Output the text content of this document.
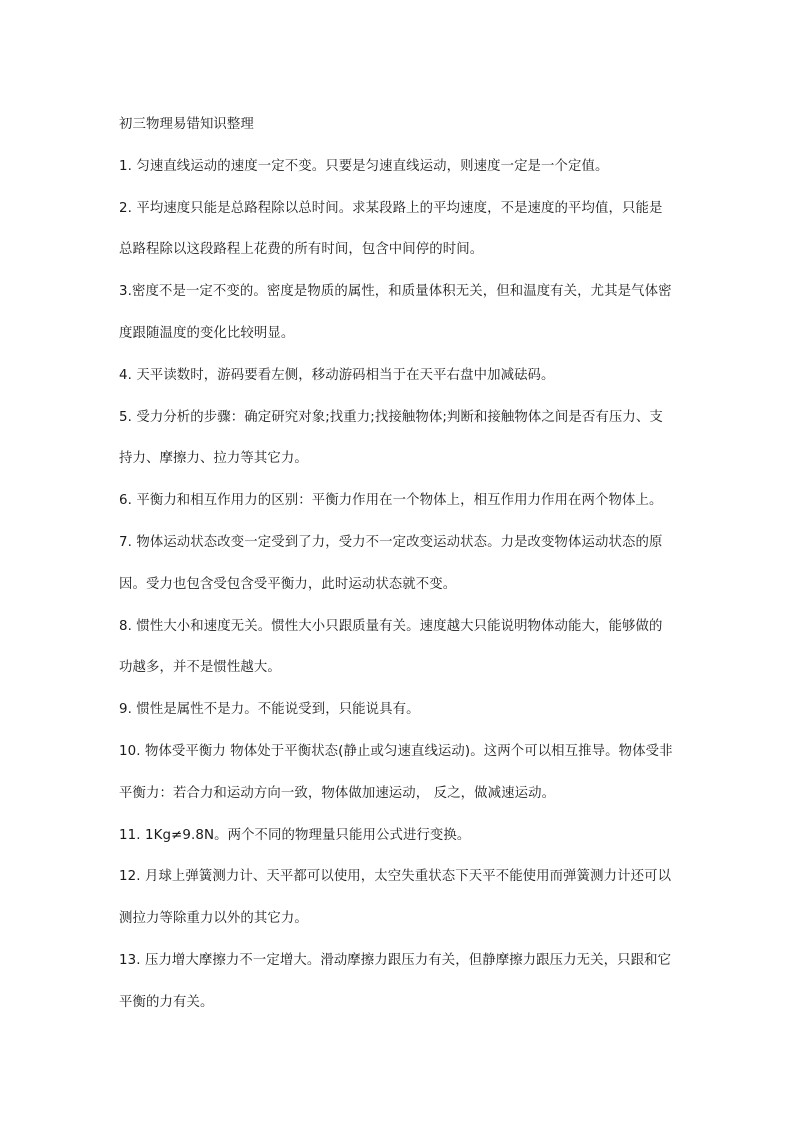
初三物理易错知识整理

1. 匀速直线运动的速度一定不变。只要是匀速直线运动，则速度一定是一个定值。

2. 平均速度只能是总路程除以总时间。求某段路上的平均速度，不是速度的平均值，只能是总路程除以这段路程上花费的所有时间，包含中间停的时间。

3.密度不是一定不变的。密度是物质的属性，和质量体积无关，但和温度有关，尤其是气体密度跟随温度的变化比较明显。

4. 天平读数时，游码要看左侧，移动游码相当于在天平右盘中加减砝码。

5. 受力分析的步骤：确定研究对象;找重力;找接触物体;判断和接触物体之间是否有压力、支持力、摩擦力、拉力等其它力。

6. 平衡力和相互作用力的区别：平衡力作用在一个物体上，相互作用力作用在两个物体上。

7. 物体运动状态改变一定受到了力，受力不一定改变运动状态。力是改变物体运动状态的原因。受力也包含受包含受平衡力，此时运动状态就不变。

8. 惯性大小和速度无关。惯性大小只跟质量有关。速度越大只能说明物体动能大，能够做的功越多，并不是惯性越大。

9. 惯性是属性不是力。不能说受到，只能说具有。

10. 物体受平衡力 物体处于平衡状态(静止或匀速直线运动)。这两个可以相互推导。物体受非平衡力：若合力和运动方向一致，物体做加速运动， 反之，做减速运动。

11. 1Kg≠9.8N。两个不同的物理量只能用公式进行变换。

12. 月球上弹簧测力计、天平都可以使用，太空失重状态下天平不能使用而弹簧测力计还可以测拉力等除重力以外的其它力。

13. 压力增大摩擦力不一定增大。滑动摩擦力跟压力有关，但静摩擦力跟压力无关，只跟和它平衡的力有关。
